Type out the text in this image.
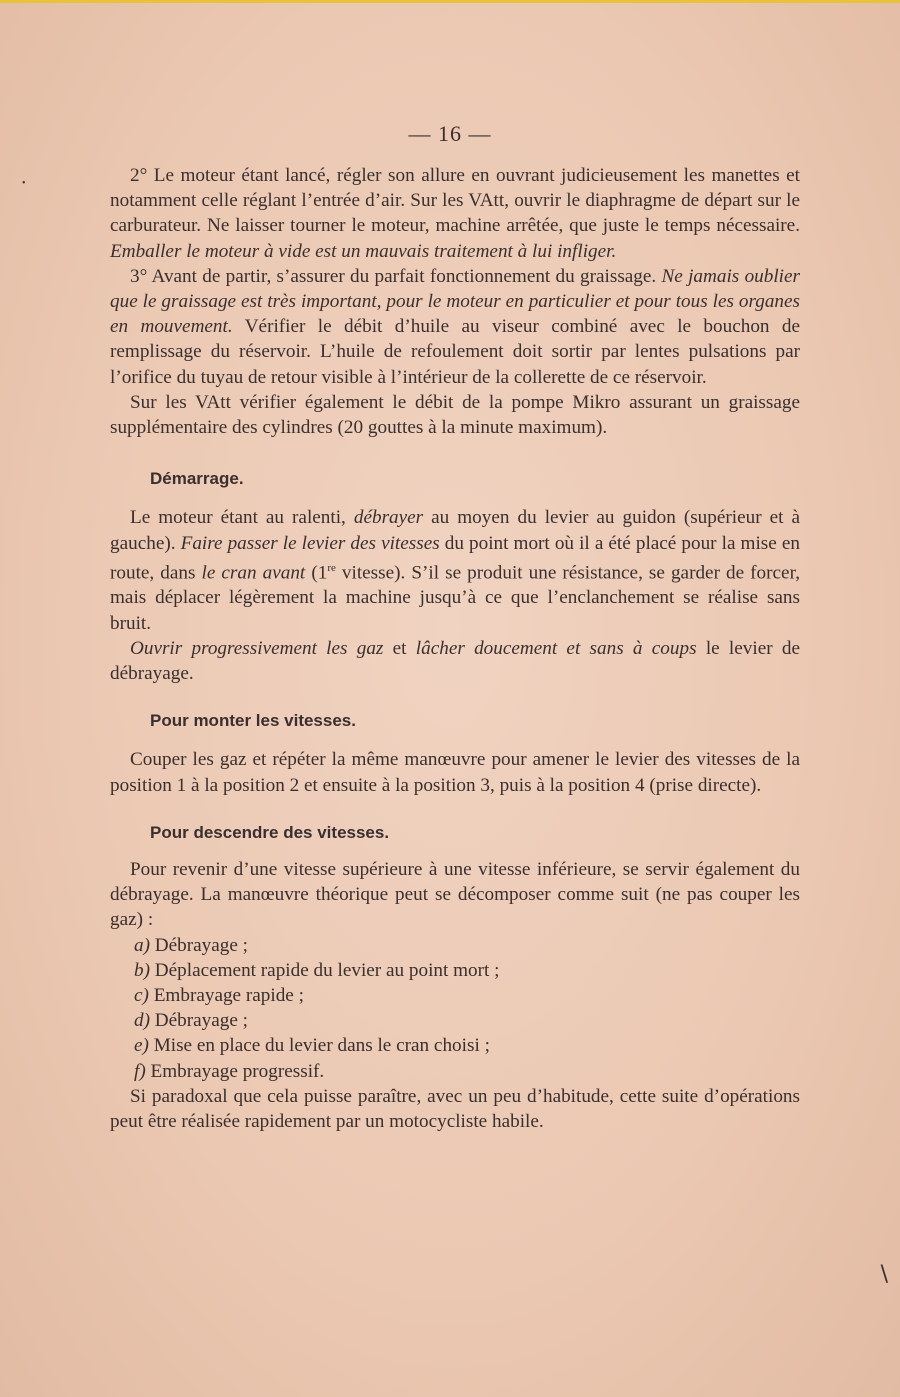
•
— 16 —

2° Le moteur étant lancé, régler son allure en ouvrant judicieusement les manettes et notamment celle réglant l’entrée d’air. Sur les VAtt, ouvrir le diaphragme de départ sur le carburateur. Ne laisser tourner le moteur, machine arrêtée, que juste le temps nécessaire. Emballer le moteur à vide est un mauvais traitement à lui infliger.

3° Avant de partir, s’assurer du parfait fonctionnement du graissage. Ne jamais oublier que le graissage est très important, pour le moteur en particulier et pour tous les organes en mouvement. Vérifier le débit d’huile au viseur combiné avec le bouchon de remplissage du réservoir. L’huile de refoulement doit sortir par lentes pulsations par l’orifice du tuyau de retour visible à l’intérieur de la collerette de ce réservoir.

Sur les VAtt vérifier également le débit de la pompe Mikro assurant un graissage supplémentaire des cylindres (20 gouttes à la minute maximum).

Démarrage.

Le moteur étant au ralenti, débrayer au moyen du levier au guidon (supérieur et à gauche). Faire passer le levier des vitesses du point mort où il a été placé pour la mise en route, dans le cran avant (1re vitesse). S’il se produit une résistance, se garder de forcer, mais déplacer légèrement la machine jusqu’à ce que l’enclanchement se réalise sans bruit.

Ouvrir progressivement les gaz et lâcher doucement et sans à coups le levier de débrayage.

Pour monter les vitesses.

Couper les gaz et répéter la même manœuvre pour amener le levier des vitesses de la position 1 à la position 2 et ensuite à la position 3, puis à la position 4 (prise directe).

Pour descendre des vitesses.

Pour revenir d’une vitesse supérieure à une vitesse inférieure, se servir également du débrayage. La manœuvre théorique peut se décomposer comme suit (ne pas couper les gaz) :

a) Débrayage ;
b) Déplacement rapide du levier au point mort ;
c) Embrayage rapide ;
d) Débrayage ;
e) Mise en place du levier dans le cran choisi ;
f) Embrayage progressif.

Si paradoxal que cela puisse paraître, avec un peu d’habitude, cette suite d’opérations peut être réalisée rapidement par un motocycliste habile.

\
